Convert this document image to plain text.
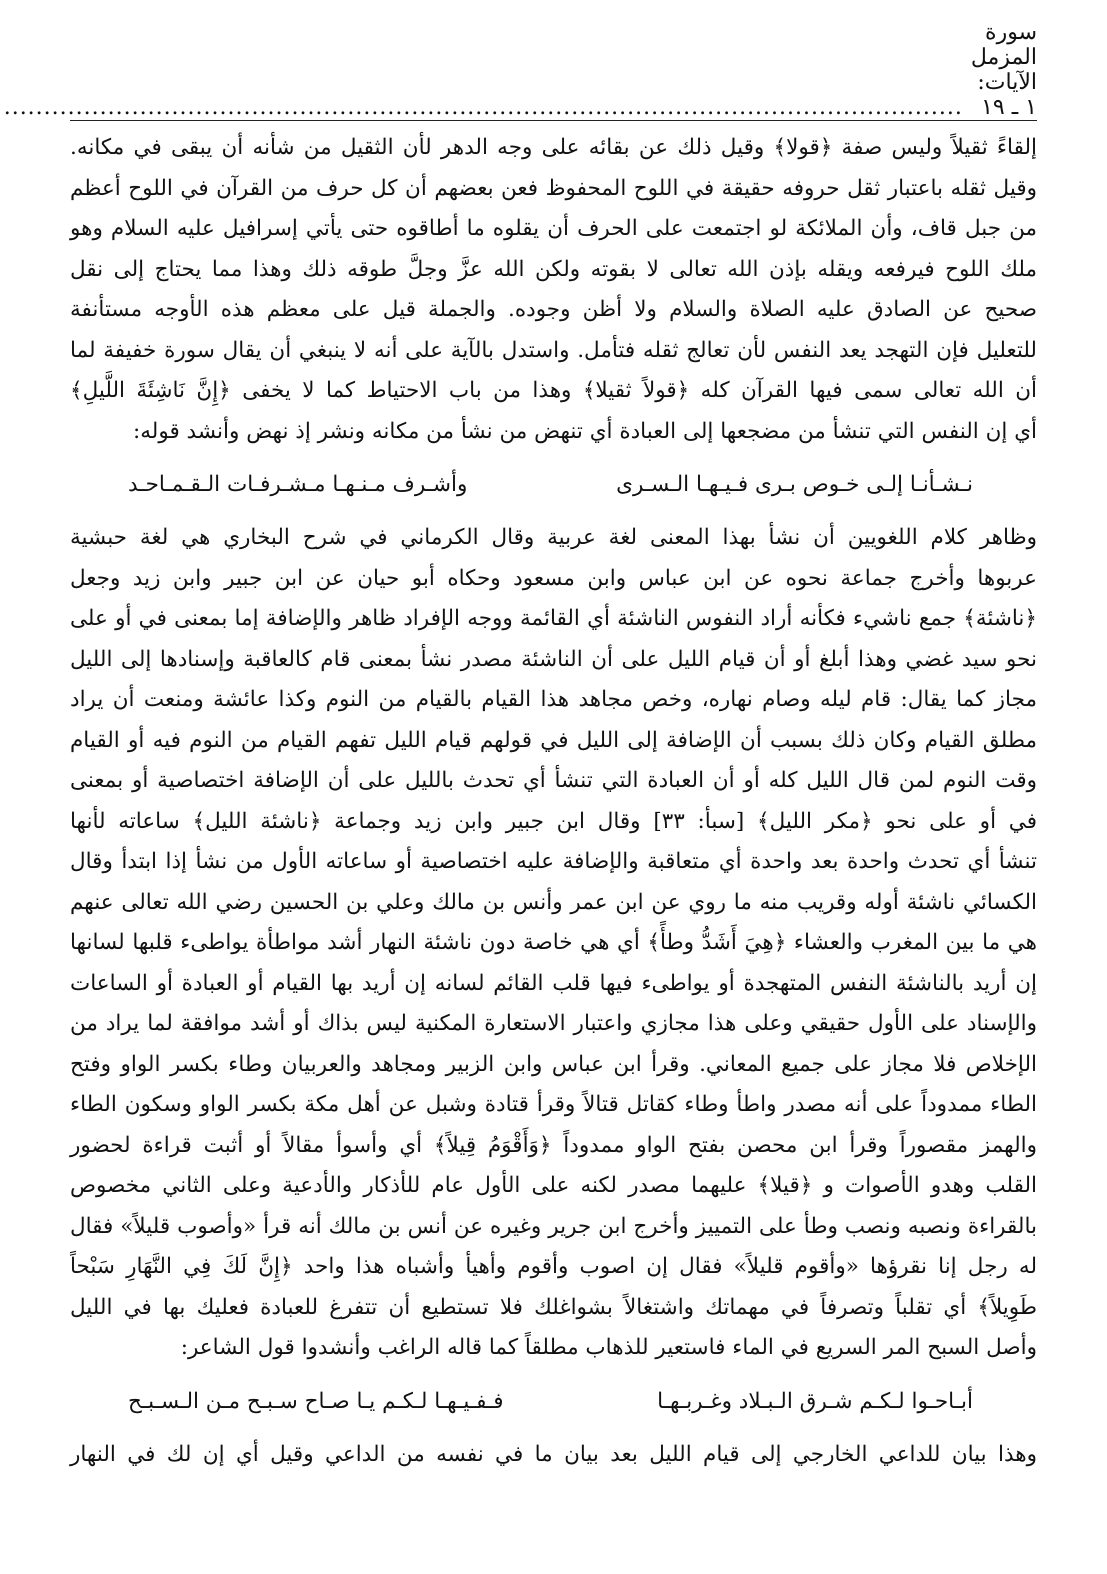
سورة المزمل الآيات: ١ ـ ١٩
........................................................................................................................
إلقاءً ثقيلاً وليس صفة ﴿قولا﴾ وقيل ذلك عن بقائه على وجه الدهر لأن الثقيل من شأنه أن يبقى في مكانه.
وقيل ثقله باعتبار ثقل حروفه حقيقة في اللوح المحفوظ فعن بعضهم أن كل حرف من القرآن في اللوح أعظم
من جبل قاف، وأن الملائكة لو اجتمعت على الحرف أن يقلوه ما أطاقوه حتى يأتي إسرافيل عليه السلام وهو
ملك اللوح فيرفعه ويقله بإذن الله تعالى لا بقوته ولكن الله عزَّ وجلَّ طوقه ذلك وهذا مما يحتاج إلى نقل
صحيح عن الصادق عليه الصلاة والسلام ولا أظن وجوده. والجملة قيل على معظم هذه الأوجه مستأنفة
للتعليل فإن التهجد يعد النفس لأن تعالج ثقله فتأمل. واستدل بالآية على أنه لا ينبغي أن يقال سورة خفيفة لما
أن الله تعالى سمى فيها القرآن كله ﴿قولاً ثقيلا﴾ وهذا من باب الاحتياط كما لا يخفى ﴿إِنَّ نَاشِئَةَ اللَّيلِ﴾
أي إن النفس التي تنشأ من مضجعها إلى العبادة أي تنهض من نشأ من مكانه ونشر إذ نهض وأنشد قوله:
نـشـأنـا إلـى خـوص بـرى فـيـهـا الـسـرى
وأشـرف مـنـهـا مـشـرفـات الـقـمـاحـد
وظاهر كلام اللغويين أن نشأ بهذا المعنى لغة عربية وقال الكرماني في شرح البخاري هي لغة حبشية
عربوها وأخرج جماعة نحوه عن ابن عباس وابن مسعود وحكاه أبو حيان عن ابن جبير وابن زيد وجعل
﴿ناشئة﴾ جمع ناشيء فكأنه أراد النفوس الناشئة أي القائمة ووجه الإفراد ظاهر والإضافة إما بمعنى في أو على
نحو سيد غضي وهذا أبلغ أو أن قيام الليل على أن الناشئة مصدر نشأ بمعنى قام كالعاقبة وإسنادها إلى الليل
مجاز كما يقال: قام ليله وصام نهاره، وخص مجاهد هذا القيام بالقيام من النوم وكذا عائشة ومنعت أن يراد
مطلق القيام وكان ذلك بسبب أن الإضافة إلى الليل في قولهم قيام الليل تفهم القيام من النوم فيه أو القيام
وقت النوم لمن قال الليل كله أو أن العبادة التي تنشأ أي تحدث بالليل على أن الإضافة اختصاصية أو بمعنى
في أو على نحو ﴿مكر الليل﴾ [سبأ: ٣٣] وقال ابن جبير وابن زيد وجماعة ﴿ناشئة الليل﴾ ساعاته لأنها
تنشأ أي تحدث واحدة بعد واحدة أي متعاقبة والإضافة عليه اختصاصية أو ساعاته الأول من نشأ إذا ابتدأ وقال
الكسائي ناشئة أوله وقريب منه ما روي عن ابن عمر وأنس بن مالك وعلي بن الحسين رضي الله تعالى عنهم
هي ما بين المغرب والعشاء ﴿هِيَ أَشَدُّ وطأً﴾ أي هي خاصة دون ناشئة النهار أشد مواطأة يواطىء قلبها لسانها
إن أريد بالناشئة النفس المتهجدة أو يواطىء فيها قلب القائم لسانه إن أريد بها القيام أو العبادة أو الساعات
والإسناد على الأول حقيقي وعلى هذا مجازي واعتبار الاستعارة المكنية ليس بذاك أو أشد موافقة لما يراد من
الإخلاص فلا مجاز على جميع المعاني. وقرأ ابن عباس وابن الزبير ومجاهد والعربيان وطاء بكسر الواو وفتح
الطاء ممدوداً على أنه مصدر واطأ وطاء كقاتل قتالاً وقرأ قتادة وشبل عن أهل مكة بكسر الواو وسكون الطاء
والهمز مقصوراً وقرأ ابن محصن بفتح الواو ممدوداً ﴿وَأَقْوَمُ قِيلاً﴾ أي وأسوأ مقالاً أو أثبت قراءة لحضور
القلب وهدو الأصوات و ﴿قيلا﴾ عليهما مصدر لكنه على الأول عام للأذكار والأدعية وعلى الثاني مخصوص
بالقراءة ونصبه ونصب وطأ على التمييز وأخرج ابن جرير وغيره عن أنس بن مالك أنه قرأ «وأصوب قليلاً» فقال
له رجل إنا نقرؤها «وأقوم قليلاً» فقال إن اصوب وأقوم وأهيأ وأشباه هذا واحد ﴿إِنَّ لَكَ فِي النَّهَارِ سَبْحاً
طَوِيلاً﴾ أي تقلباً وتصرفاً في مهماتك واشتغالاً بشواغلك فلا تستطيع أن تتفرغ للعبادة فعليك بها في الليل
وأصل السبح المر السريع في الماء فاستعير للذهاب مطلقاً كما قاله الراغب وأنشدوا قول الشاعر:
أبـاحـوا لـكـم شـرق الـبـلاد وغـربـهـا
فـفـيـهـا لـكـم يـا صـاح سـبـح مـن الـسـبـح
وهذا بيان للداعي الخارجي إلى قيام الليل بعد بيان ما في نفسه من الداعي وقيل أي إن لك في النهار
